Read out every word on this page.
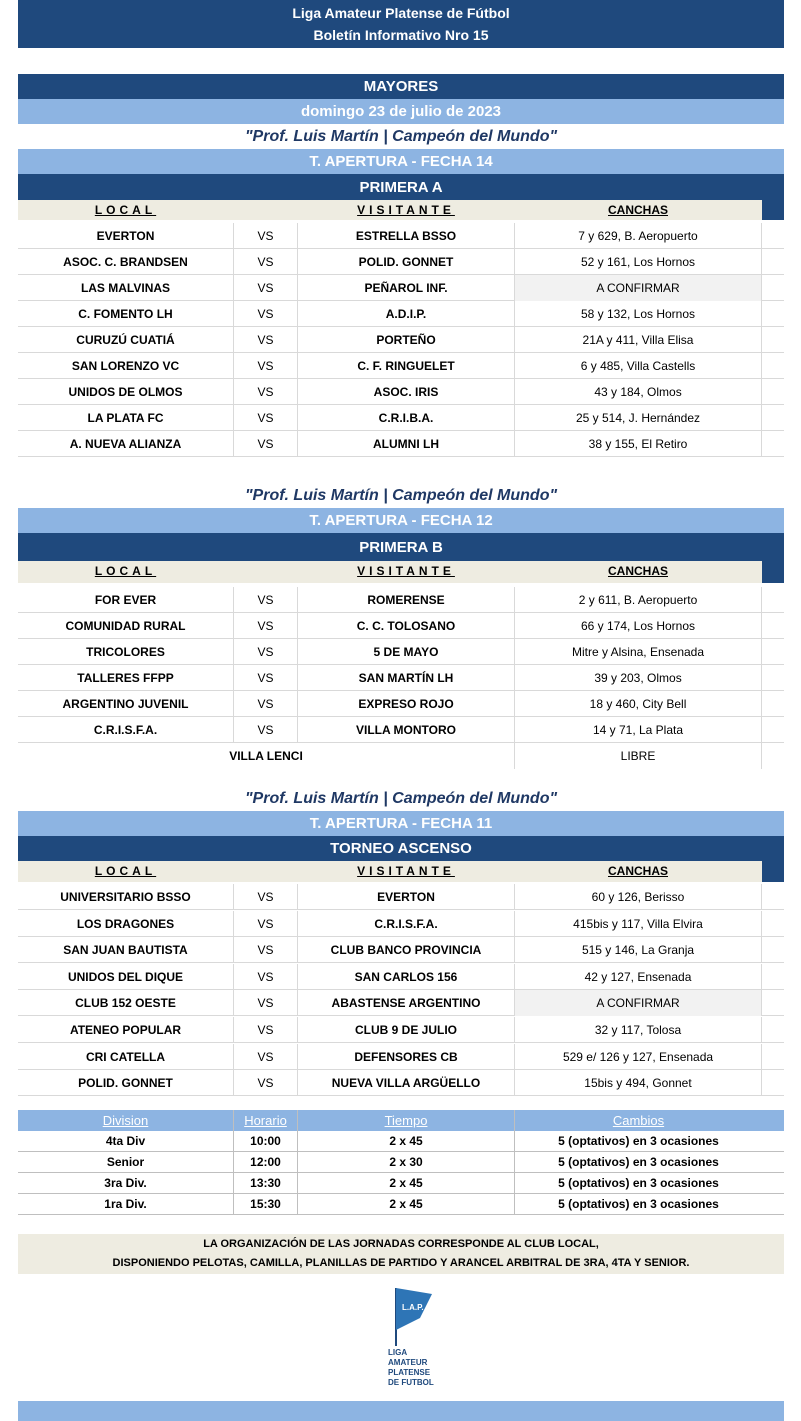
Liga Amateur Platense de Fútbol
Boletín Informativo Nro 15
MAYORES
domingo 23 de julio de 2023
"Prof. Luis Martín | Campeón del Mundo"
T. APERTURA - FECHA 14
PRIMERA A
LOCAL	VISITANTE	CANCHAS
EVERTON	VS	ESTRELLA BSSO	7 y 629, B. Aeropuerto
ASOC. C. BRANDSEN	VS	POLID. GONNET	52 y 161, Los Hornos
LAS MALVINAS	VS	PEÑAROL INF.	A CONFIRMAR
C. FOMENTO LH	VS	A.D.I.P.	58 y 132, Los Hornos
CURUZÚ CUATIÁ	VS	PORTEÑO	21A y 411, Villa Elisa
SAN LORENZO VC	VS	C. F. RINGUELET	6 y 485, Villa Castells
UNIDOS DE OLMOS	VS	ASOC. IRIS	43 y 184, Olmos
LA PLATA FC	VS	C.R.I.B.A.	25 y 514, J. Hernández
A. NUEVA ALIANZA	VS	ALUMNI LH	38 y 155, El Retiro
"Prof. Luis Martín | Campeón del Mundo"
T. APERTURA - FECHA 12
PRIMERA B
LOCAL	VISITANTE	CANCHAS
FOR EVER	VS	ROMERENSE	2 y 611, B. Aeropuerto
COMUNIDAD RURAL	VS	C. C. TOLOSANO	66 y 174, Los Hornos
TRICOLORES	VS	5 DE MAYO	Mitre y Alsina, Ensenada
TALLERES FFPP	VS	SAN MARTÍN LH	39 y 203, Olmos
ARGENTINO JUVENIL	VS	EXPRESO ROJO	18 y 460, City Bell
C.R.I.S.F.A.	VS	VILLA MONTORO	14 y 71, La Plata
VILLA LENCI	LIBRE
"Prof. Luis Martín | Campeón del Mundo"
T. APERTURA - FECHA 11
TORNEO ASCENSO
LOCAL	VISITANTE	CANCHAS
UNIVERSITARIO BSSO	VS	EVERTON	60 y 126, Berisso
LOS DRAGONES	VS	C.R.I.S.F.A.	415bis y 117, Villa Elvira
SAN JUAN BAUTISTA	VS	CLUB BANCO PROVINCIA	515 y 146, La Granja
UNIDOS DEL DIQUE	VS	SAN CARLOS 156	42 y 127, Ensenada
CLUB 152 OESTE	VS	ABASTENSE ARGENTINO	A CONFIRMAR
ATENEO POPULAR	VS	CLUB 9 DE JULIO	32 y 117, Tolosa
CRI CATELLA	VS	DEFENSORES CB	529 e/ 126 y 127, Ensenada
POLID. GONNET	VS	NUEVA VILLA ARGÜELLO	15bis y 494, Gonnet
Division	Horario	Tiempo	Cambios
4ta Div	10:00	2 x 45	5 (optativos) en 3 ocasiones
Senior	12:00	2 x 30	5 (optativos) en 3 ocasiones
3ra Div.	13:30	2 x 45	5 (optativos) en 3 ocasiones
1ra Div.	15:30	2 x 45	5 (optativos) en 3 ocasiones
LA ORGANIZACIÓN DE LAS JORNADAS CORRESPONDE AL CLUB LOCAL,
DISPONIENDO PELOTAS, CAMILLA, PLANILLAS DE PARTIDO Y ARANCEL ARBITRAL DE 3RA, 4TA Y SENIOR.
L.A.P.
LIGA
AMATEUR
PLATENSE
DE FUTBOL
